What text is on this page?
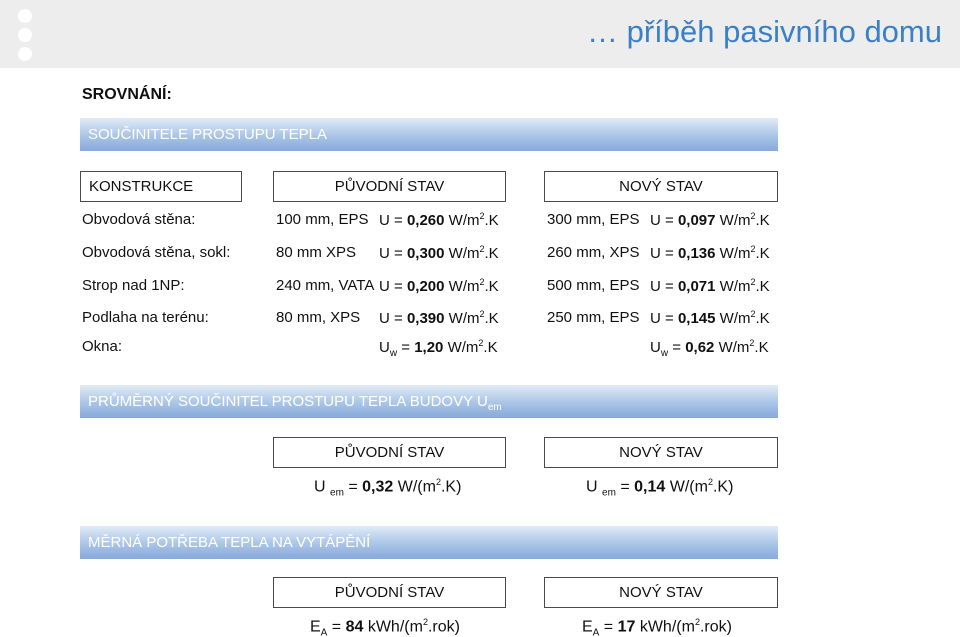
… příběh pasivního domu
SROVNÁNÍ:
SOUČINITELE PROSTUPU TEPLA
KONSTRUKCE	PŮVODNÍ STAV	NOVÝ STAV
Obvodová stěna:	100 mm, EPS U = 0,260 $W/m^2.K$	300 mm, EPS U = 0,097 $W/m^2.K$
Obvodová stěna, sokl:	80 mm XPS U = 0,300 $W/m^2.K$	260 mm, XPS U = 0,136 $W/m^2.K$
Strop nad 1NP:	240 mm, VATA U = 0,200 $W/m^2.K$	500 mm, EPS U = 0,071 $W/m^2.K$
Podlaha na terénu:	80 mm, XPS U = 0,390 $W/m^2.K$	250 mm, EPS U = 0,145 $W/m^2.K$
Okna:	$U_w = 1,20$ $W/m^2.K$	$U_w = 0,62$ $W/m^2.K$
PRŮMĚRNÝ SOUČINITEL PROSTUPU TEPLA BUDOVY $U_{em}$
PŮVODNÍ STAV	NOVÝ STAV
U $_{em}$ = 0,32 $W/(m^2.K)$	U $_{em}$ = 0,14 $W/(m^2.K)$
MĚRNÁ POTŘEBA TEPLA NA VYTÁPĚNÍ
PŮVODNÍ STAV	NOVÝ STAV
$E_A = 84$ kWh/$(m^2.rok)$	$E_A = 17$ kWh/$(m^2.rok)$
